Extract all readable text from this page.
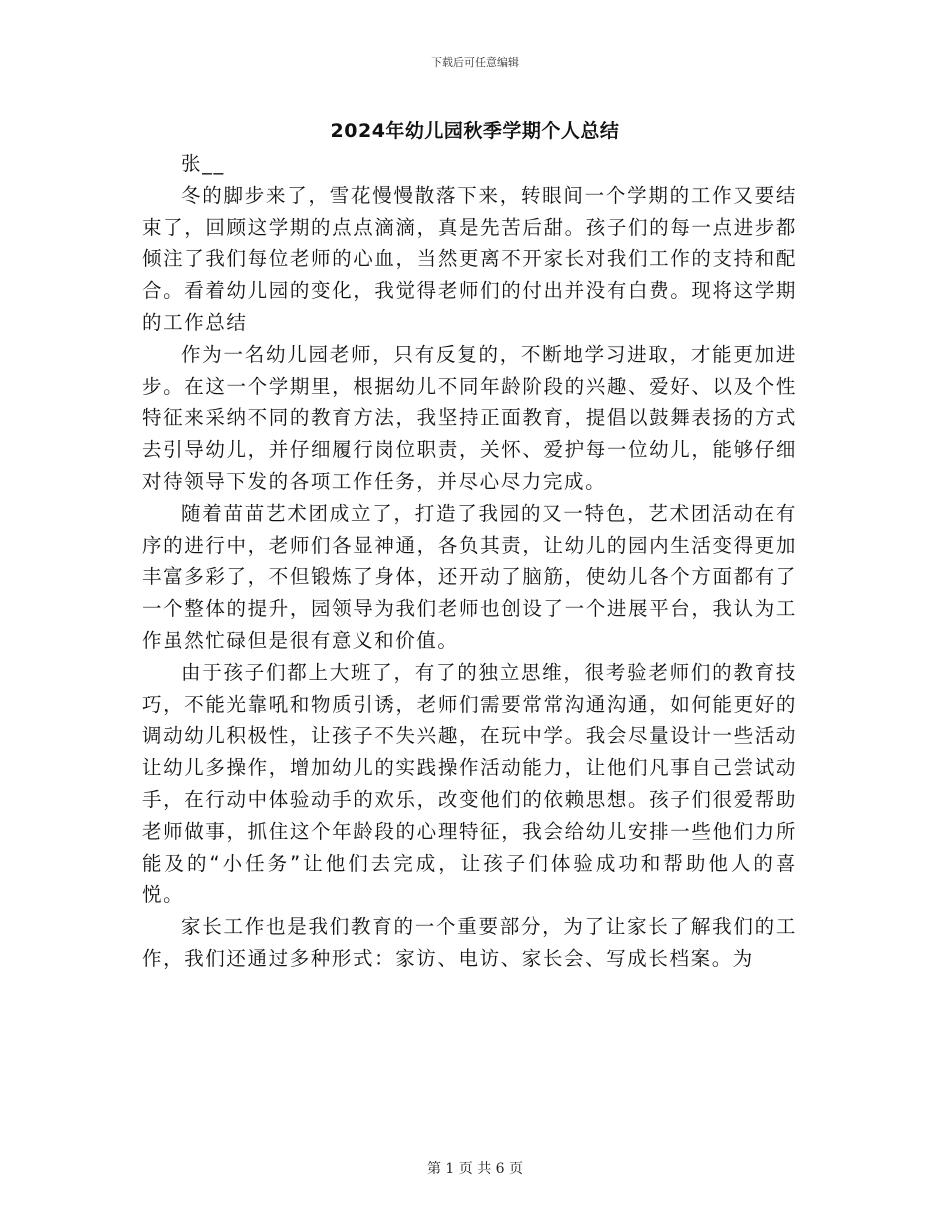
下载后可任意编辑
2024年幼儿园秋季学期个人总结

张__

冬的脚步来了，雪花慢慢散落下来，转眼间一个学期的工作又要结束了，回顾这学期的点点滴滴，真是先苦后甜。孩子们的每一点进步都倾注了我们每位老师的心血，当然更离不开家长对我们工作的支持和配合。看着幼儿园的变化，我觉得老师们的付出并没有白费。现将这学期的工作总结

作为一名幼儿园老师，只有反复的，不断地学习进取，才能更加进步。在这一个学期里，根据幼儿不同年龄阶段的兴趣、爱好、以及个性特征来采纳不同的教育方法，我坚持正面教育，提倡以鼓舞表扬的方式去引导幼儿，并仔细履行岗位职责，关怀、爱护每一位幼儿，能够仔细对待领导下发的各项工作任务，并尽心尽力完成。

随着苗苗艺术团成立了，打造了我园的又一特色，艺术团活动在有序的进行中，老师们各显神通，各负其责，让幼儿的园内生活变得更加丰富多彩了，不但锻炼了身体，还开动了脑筋，使幼儿各个方面都有了一个整体的提升，园领导为我们老师也创设了一个进展平台，我认为工作虽然忙碌但是很有意义和价值。

由于孩子们都上大班了，有了的独立思维，很考验老师们的教育技巧，不能光靠吼和物质引诱，老师们需要常常沟通沟通，如何能更好的调动幼儿积极性，让孩子不失兴趣，在玩中学。我会尽量设计一些活动让幼儿多操作，增加幼儿的实践操作活动能力，让他们凡事自己尝试动手，在行动中体验动手的欢乐，改变他们的依赖思想。孩子们很爱帮助老师做事，抓住这个年龄段的心理特征，我会给幼儿安排一些他们力所能及的“小任务”让他们去完成，让孩子们体验成功和帮助他人的喜悦。

家长工作也是我们教育的一个重要部分，为了让家长了解我们的工作，我们还通过多种形式：家访、电访、家长会、写成长档案。为

第 1 页 共 6 页
